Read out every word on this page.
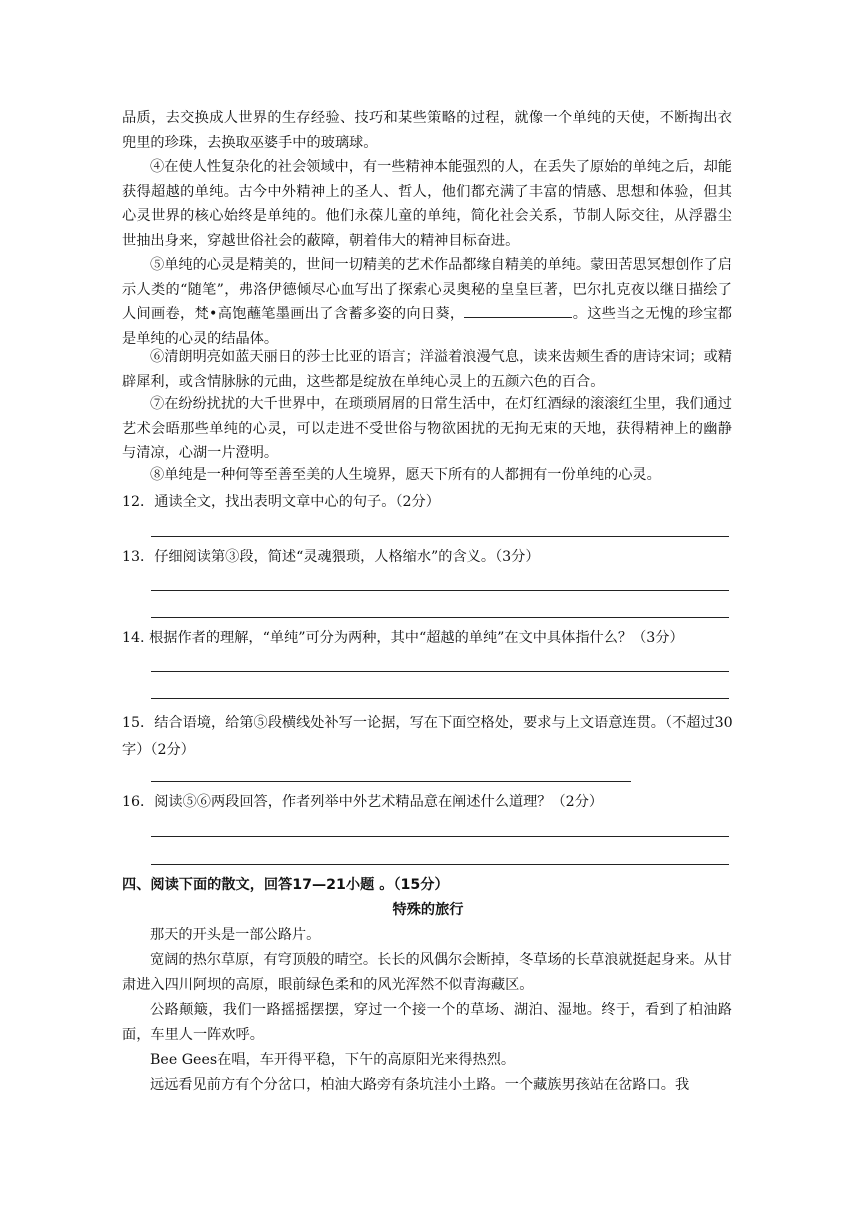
品质，去交换成人世界的生存经验、技巧和某些策略的过程，就像一个单纯的天使，不断掏出衣兜里的珍珠，去换取巫婆手中的玻璃球。

④在使人性复杂化的社会领域中，有一些精神本能强烈的人，在丢失了原始的单纯之后，却能获得超越的单纯。古今中外精神上的圣人、哲人，他们都充满了丰富的情感、思想和体验，但其心灵世界的核心始终是单纯的。他们永葆儿童的单纯，简化社会关系，节制人际交往，从浮嚣尘世抽出身来，穿越世俗社会的蔽障，朝着伟大的精神目标奋进。

⑤单纯的心灵是精美的，世间一切精美的艺术作品都缘自精美的单纯。蒙田苦思冥想创作了启示人类的“随笔”，弗洛伊德倾尽心血写出了探索心灵奥秘的皇皇巨著，巴尔扎克夜以继日描绘了人间画卷，梵•高饱蘸笔墨画出了含蓄多姿的向日葵，	。这些当之无愧的珍宝都是单纯的心灵的结晶体。

⑥清朗明亮如蓝天丽日的莎士比亚的语言；洋溢着浪漫气息，读来齿颊生香的唐诗宋词；或精辟犀利，或含情脉脉的元曲，这些都是绽放在单纯心灵上的五颜六色的百合。

⑦在纷纷扰扰的大千世界中，在琐琐屑屑的日常生活中，在灯红酒绿的滚滚红尘里，我们通过艺术会晤那些单纯的心灵，可以走进不受世俗与物欲困扰的无拘无束的天地，获得精神上的幽静与清凉，心湖一片澄明。

⑧单纯是一种何等至善至美的人生境界，愿天下所有的人都拥有一份单纯的心灵。

12．通读全文，找出表明文章中心的句子。（2分）

13．仔细阅读第③段，简述“灵魂猥琐，人格缩水”的含义。（3分）

14. 根据作者的理解，“单纯”可分为两种，其中“超越的单纯”在文中具体指什么？（3分）

15．结合语境，给第⑤段横线处补写一论据，写在下面空格处，要求与上文语意连贯。（不超过30字）（2分）

16．阅读⑤⑥两段回答，作者列举中外艺术精品意在阐述什么道理？（2分）

四、阅读下面的散文，回答17—21小题 。（15分）

特殊的旅行

那天的开头是一部公路片。

宽阔的热尔草原，有穹顶般的晴空。长长的风偶尔会断掉，冬草场的长草浪就挺起身来。从甘肃进入四川阿坝的高原，眼前绿色柔和的风光浑然不似青海藏区。

公路颠簸，我们一路摇摇摆摆，穿过一个接一个的草场、湖泊、湿地。终于，看到了柏油路面，车里人一阵欢呼。

Bee Gees在唱，车开得平稳，下午的高原阳光来得热烈。

远远看见前方有个分岔口，柏油大路旁有条坑洼小土路。一个藏族男孩站在岔路口。我
